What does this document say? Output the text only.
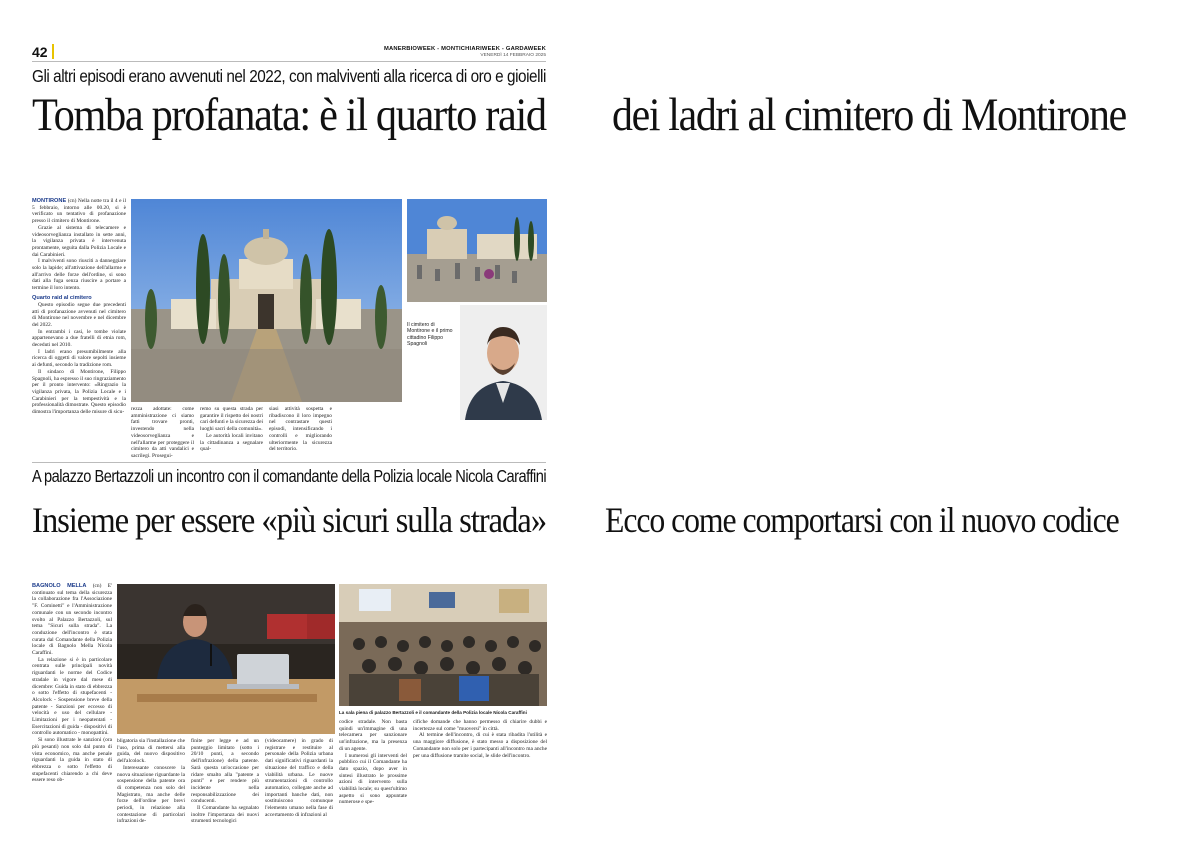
42	MANERBIOWEEK - MONTICHIARIWEEK - GARDAWEEK
VENERDÌ 14 FEBBRAIO 2025
Gli altri episodi erano avvenuti nel 2022, con malviventi alla ricerca di oro e gioielli
Tomba profanata: è il quarto raid dei ladri al cimitero di Montirone

MONTIRONE (cn) Nella notte tra il 4 e il 5 febbraio, intorno alle 00.20, si è verificato un tentativo di profanazione presso il cimitero di Montirone.

Grazie al sistema di telecamere e videosorveglianza installato in sette anni, la vigilanza privata è intervenuta prontamente, seguita dalla Polizia Locale e dai Carabinieri.

I malviventi sono riusciti a danneggiare solo la lapide; all'attivazione dell'allarme e all'arrivo delle forze dell'ordine, si sono dati alla fuga senza riuscire a portare a termine il loro intento.

Quarto raid al cimitero

Questo episodio segue due precedenti atti di profanazione avvenuti nel cimitero di Montirone nel novembre e nel dicembre del 2022.

In entrambi i casi, le tombe violate appartenevano a due fratelli di etnia rom, deceduti nel 2010.

I ladri erano presumibilmente alla ricerca di oggetti di valore sepolti insieme ai defunti, secondo la tradizione rom.

Il sindaco di Montirone, Filippo Spagnoli, ha espresso il suo ringraziamento per il pronto intervento: «Ringrazio la vigilanza privata, la Polizia Locale e i Carabinieri per la tempestività e la professionalità dimostrate. Questo episodio dimostra l'importanza delle misure di sicu-

Il cimitero di Montirone e il primo cittadino Filippo Spagnoli
rezza adottate: come amministrazione ci siamo fatti trovare pronti, investendo nella videosorveglianza e nell'allarme per proteggere il cimitero da atti vandalici e sacrilegi. Prosegui-

remo su questa strada per garantire il rispetto dei nostri cari defunti e la sicurezza dei luoghi sacri della comunità».

Le autorità locali invitano la cittadinanza a segnalare qual-

siasi attività sospetta e ribadiscono il loro impegno nel contrastare questi episodi, intensificando i controlli e migliorando ulteriormente la sicurezza del territorio.
A palazzo Bertazzoli un incontro con il comandante della Polizia locale Nicola Caraffini
Insieme per essere «più sicuri sulla strada» Ecco come comportarsi con il nuovo codice

BAGNOLO MELLA (cn) E' continuato sul tema della sicurezza la collaborazione fra l'Associazione "F. Cominetti" e l'Amministrazione comunale con un secondo incontro svolto al Palazzo Bertazzoli, sul tema "Sicuri sulla strada". La conduzione dell'incontro è stata curata dal Comandante della Polizia locale di Bagnolo Mella Nicola Caraffini.

La relazione si è in particolare centrata sulle principali novità riguardanti le norme del Codice stradale in vigore dal mese di dicembre: Guida in stato di ebbrezza o sotto l'effetto di stupefacenti - Alcolock - Sospensione breve della patente - Sanzioni per eccesso di velocità e uso del cellulare - Limitazioni per i neopatentati - Esercitazioni di guida - dispositivi di controllo automatico - monopattini.

Si sono illustrate le sanzioni (ora più pesanti) non solo dal punto di vista economico, ma anche penale riguardanti la guida in stato di ebbrezza o sotto l'effetto di stupefacenti chiarendo a chi deve essere reso ob-

La sala piena di palazzo Bertazzoli e il comandante della Polizia locale Nicola Caraffini

bligatoria sia l'installazione che l'uso, prima di mettersi alla guida, del nuovo dispositivo dell'alcolock.

Interessante conoscere la nuova situazione riguardante la sospensione della patente ora di competenza non solo del Magistrato, ma anche delle forze dell'ordine per brevi periodi, in relazione alla contestazione di particolari infrazioni de-

finite per legge e ad un punteggio limitato (sotto i 20/10 punti, a secondo dell'infrazione) della patente. Sarà questa un'occasione per ridare smalto alla "patente a punti" e per rendere più incidente nella responsabilizzazione dei conducenti.

Il Comandante ha segnalato inoltre l'importanza dei nuovi strumenti tecnologici

(videocamere) in grado di registrare e restituire al personale della Polizia urbana dati significativi riguardanti la situazione del traffico e della viabilità urbana. Le nuove strumentazioni di controllo automatico, collegate anche ad importanti banche dati, non sostituiscono comunque l'elemento umano nella fase di accertamento di infrazioni al

codice stradale. Non basta quindi un'immagine di una telecamera per sanzionare un'infrazione, ma la presenza di un agente.

I numerosi gli interventi del pubblico cui il Comandante ha dato spazio, dopo aver in sintesi illustrato le prossime azioni di intervento sulla viabilità locale; su quest'ultimo aspetto si sono appuntate numerose e spe-

cifiche domande che hanno permesso di chiarire dubbi e incertezze sul come "muoversi" in città.

Al termine dell'incontro, di cui è stata ribadita l'utilità e una maggiore diffusione, è stato messo a disposizione del Comandante non solo per i partecipanti all'incontro ma anche per una diffusione tramite social, le slide dell'incontro.
